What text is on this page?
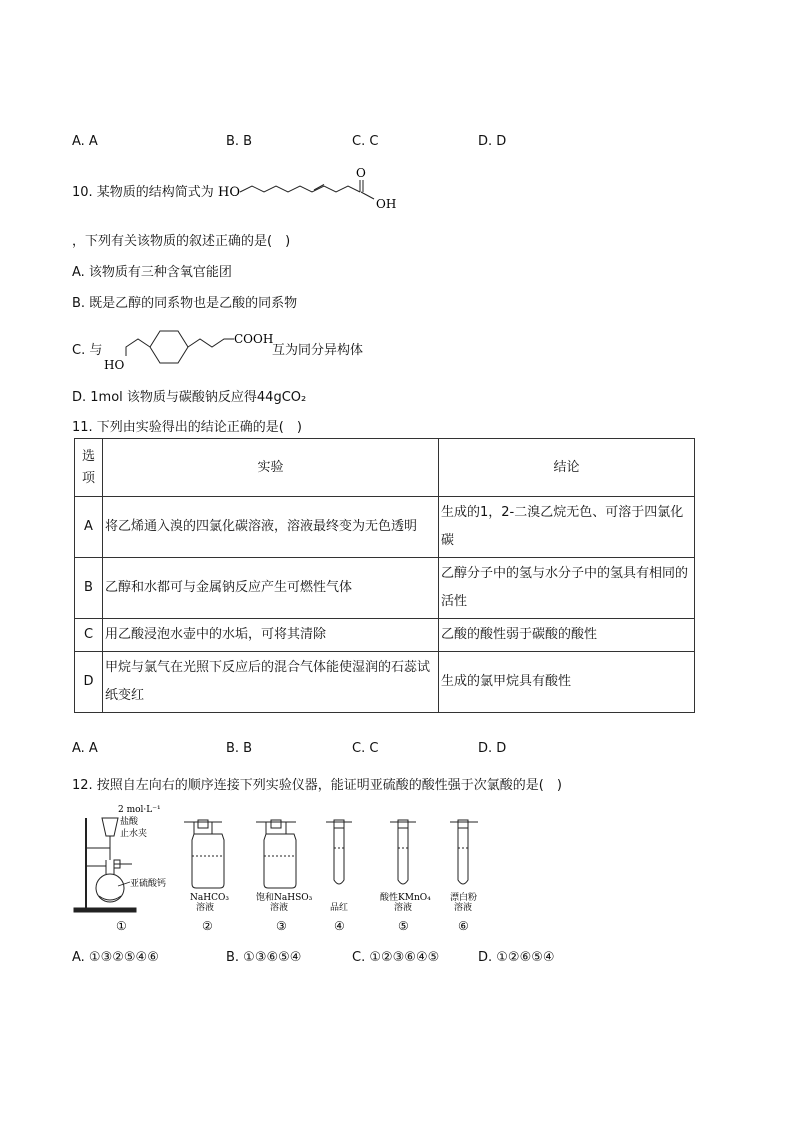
A. A	B. B	C. C	D. D
10. 某物质的结构简式为 HO
O
OH
，下列有关该物质的叙述正确的是(　)
A. 该物质有三种含氧官能团
B. 既是乙醇的同系物也是乙酸的同系物
C. 与
COOH
HO
互为同分异构体
D. 1mol 该物质与碳酸钠反应得44gCO₂
11. 下列由实验得出的结论正确的是(　)
选项	实验	结论
A	将乙烯通入溴的四氯化碳溶液，溶液最终变为无色透明	生成的1，2-二溴乙烷无色、可溶于四氯化碳
B	乙醇和水都可与金属钠反应产生可燃性气体	乙醇分子中的氢与水分子中的氢具有相同的活性
C	用乙酸浸泡水壶中的水垢，可将其清除	乙酸的酸性弱于碳酸的酸性
D	甲烷与氯气在光照下反应后的混合气体能使湿润的石蕊试纸变红	生成的氯甲烷具有酸性
A. A	B. B	C. C	D. D
12. 按照自左向右的顺序连接下列实验仪器，能证明亚硫酸的酸性强于次氯酸的是(　)
2 mol·L⁻¹
盐酸
止水夹
亚硫酸钙
①
NaHCO₃
溶液
②
饱和NaHSO₃
溶液
③
品红
④
酸性KMnO₄
溶液
⑤
漂白粉
溶液
⑥
A. ①③②⑤④⑥	B. ①③⑥⑤④	C. ①②③⑥④⑤	D. ①②⑥⑤④
